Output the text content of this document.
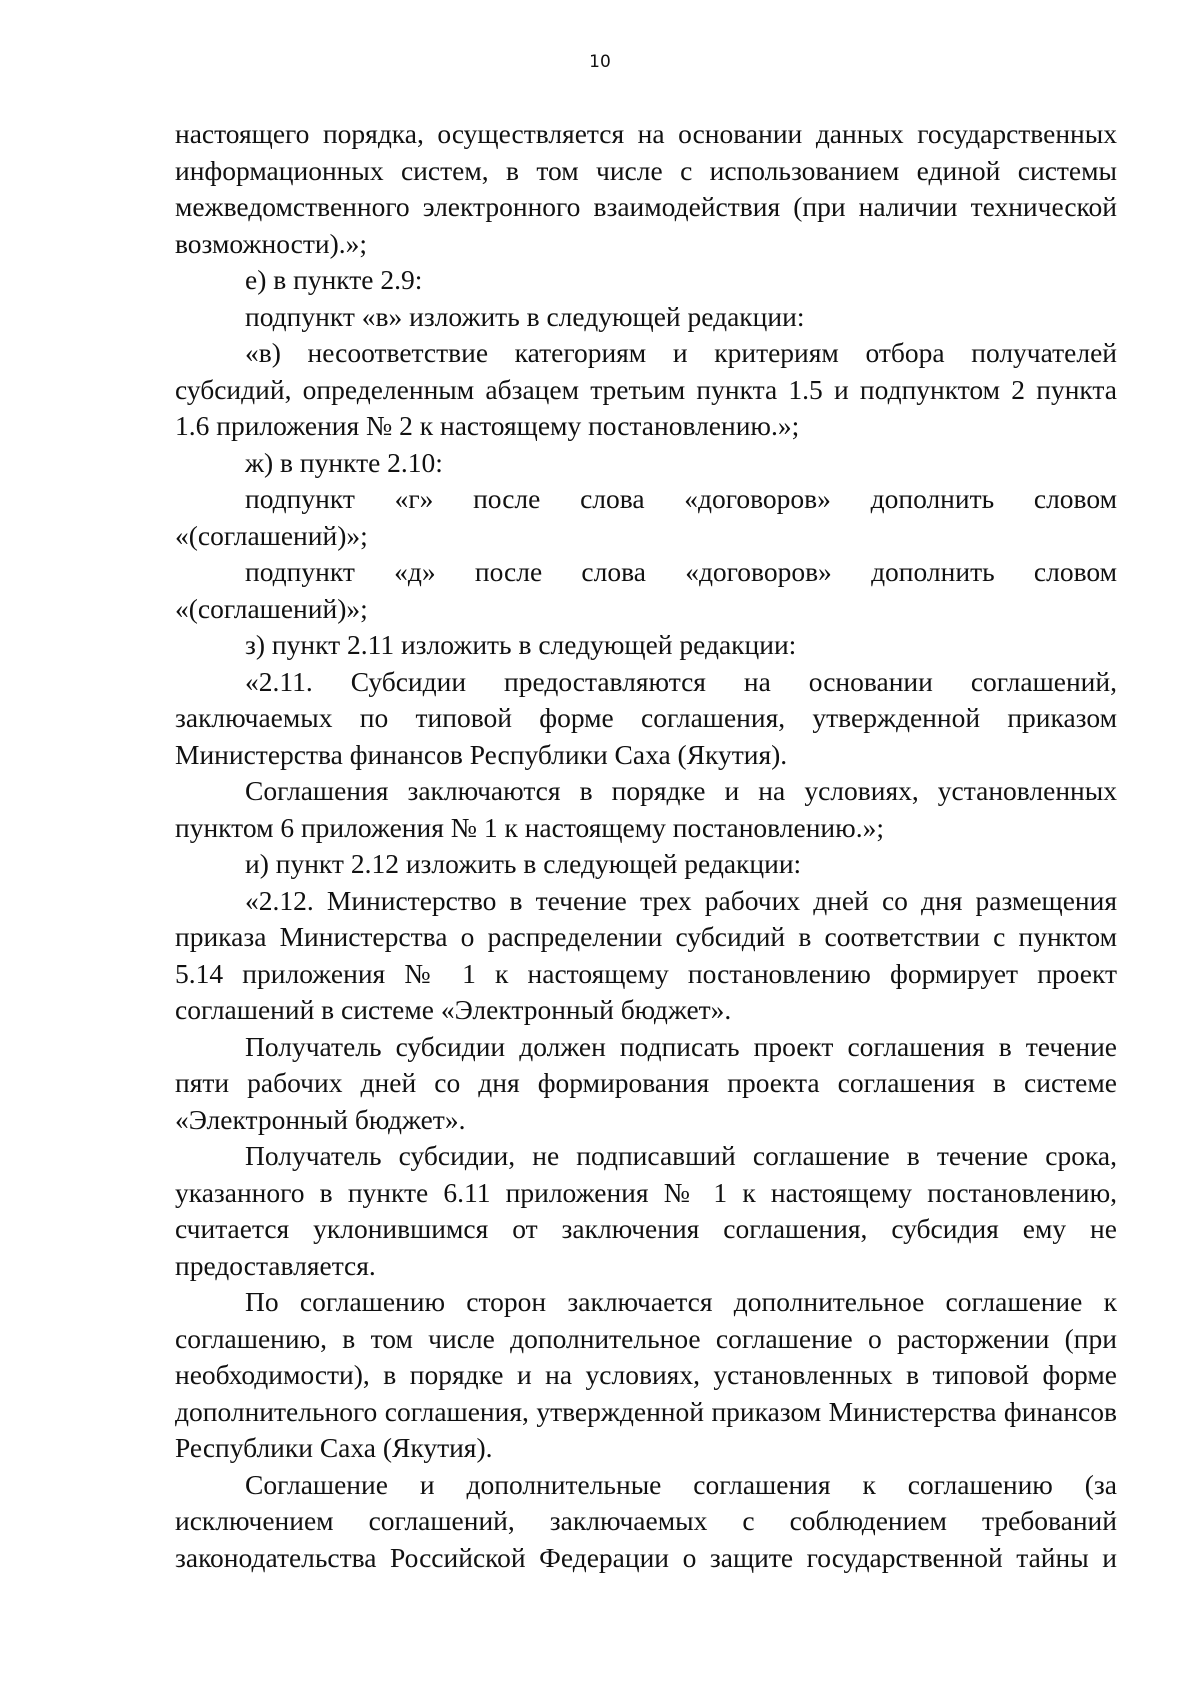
10

настоящего порядка, осуществляется на основании данных государственных информационных систем, в том числе с использованием единой системы межведомственного электронного взаимодействия (при наличии технической возможности).»;

е) в пункте 2.9:

подпункт «в» изложить в следующей редакции:

«в) несоответствие категориям и критериям отбора получателей субсидий, определенным абзацем третьим пункта 1.5 и подпунктом 2 пункта 1.6 приложения № 2 к настоящему постановлению.»;

ж) в пункте 2.10:

подпункт «г» после слова «договоров» дополнить словом «(соглашений)»;

подпункт «д» после слова «договоров» дополнить словом «(соглашений)»;

з) пункт 2.11 изложить в следующей редакции:

«2.11. Субсидии предоставляются на основании соглашений, заключаемых по типовой форме соглашения, утвержденной приказом Министерства финансов Республики Саха (Якутия).

Соглашения заключаются в порядке и на условиях, установленных пунктом 6 приложения № 1 к настоящему постановлению.»;

и) пункт 2.12 изложить в следующей редакции:

«2.12. Министерство в течение трех рабочих дней со дня размещения приказа Министерства о распределении субсидий в соответствии с пунктом 5.14 приложения № 1 к настоящему постановлению формирует проект соглашений в системе «Электронный бюджет».

Получатель субсидии должен подписать проект соглашения в течение пяти рабочих дней со дня формирования проекта соглашения в системе «Электронный бюджет».

Получатель субсидии, не подписавший соглашение в течение срока, указанного в пункте 6.11 приложения № 1 к настоящему постановлению, считается уклонившимся от заключения соглашения, субсидия ему не предоставляется.

По соглашению сторон заключается дополнительное соглашение к соглашению, в том числе дополнительное соглашение о расторжении (при необходимости), в порядке и на условиях, установленных в типовой форме дополнительного соглашения, утвержденной приказом Министерства финансов Республики Саха (Якутия).

Соглашение и дополнительные соглашения к соглашению (за исключением соглашений, заключаемых с соблюдением требований законодательства Российской Федерации о защите государственной тайны и
